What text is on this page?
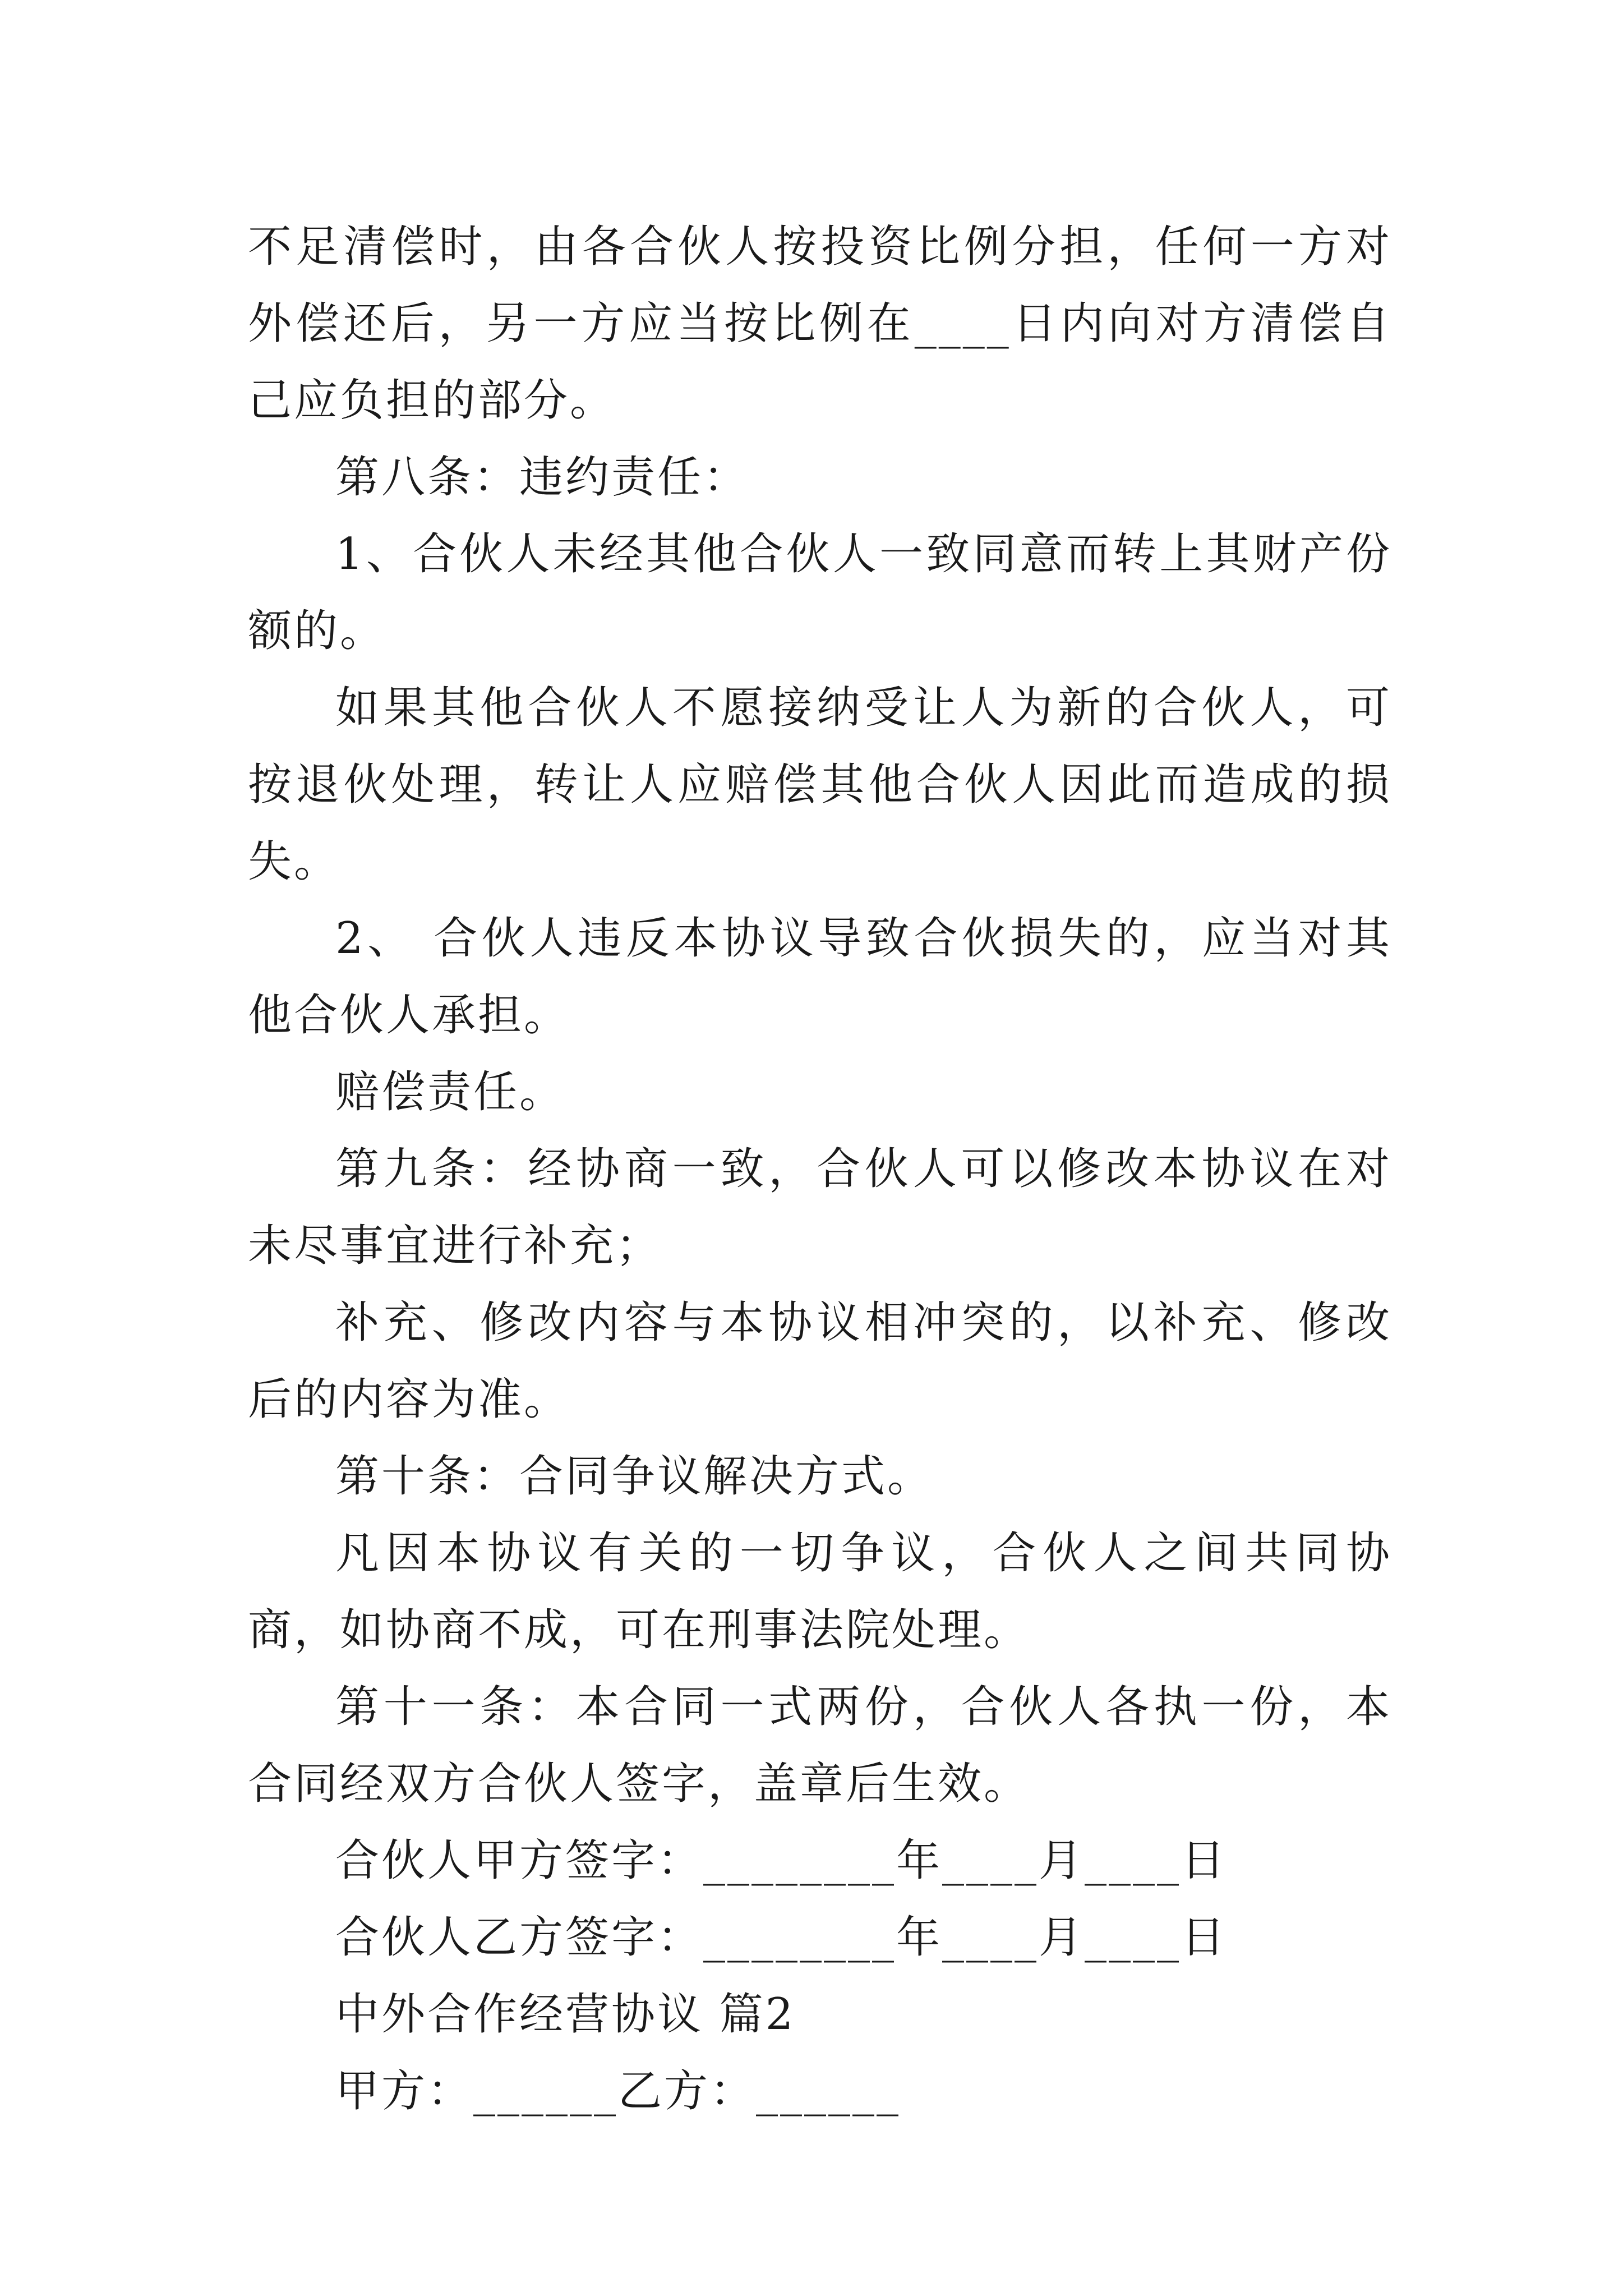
不足清偿时，由各合伙人按投资比例分担，任何一方对外偿还后，另一方应当按比例在____日内向对方清偿自己应负担的部分。

第八条：违约责任：

1、合伙人未经其他合伙人一致同意而转上其财产份额的。

如果其他合伙人不愿接纳受让人为新的合伙人，可按退伙处理，转让人应赔偿其他合伙人因此而造成的损失。

2、 合伙人违反本协议导致合伙损失的，应当对其他合伙人承担。

赔偿责任。

第九条：经协商一致，合伙人可以修改本协议在对未尽事宜进行补充；

补充、修改内容与本协议相冲突的，以补充、修改后的内容为准。

第十条：合同争议解决方式。

凡因本协议有关的一切争议，合伙人之间共同协商，如协商不成，可在刑事法院处理。

第十一条：本合同一式两份，合伙人各执一份，本合同经双方合伙人签字，盖章后生效。

合伙人甲方签字：________年____月____日

合伙人乙方签字：________年____月____日

中外合作经营协议 篇2

甲方：______乙方：______
